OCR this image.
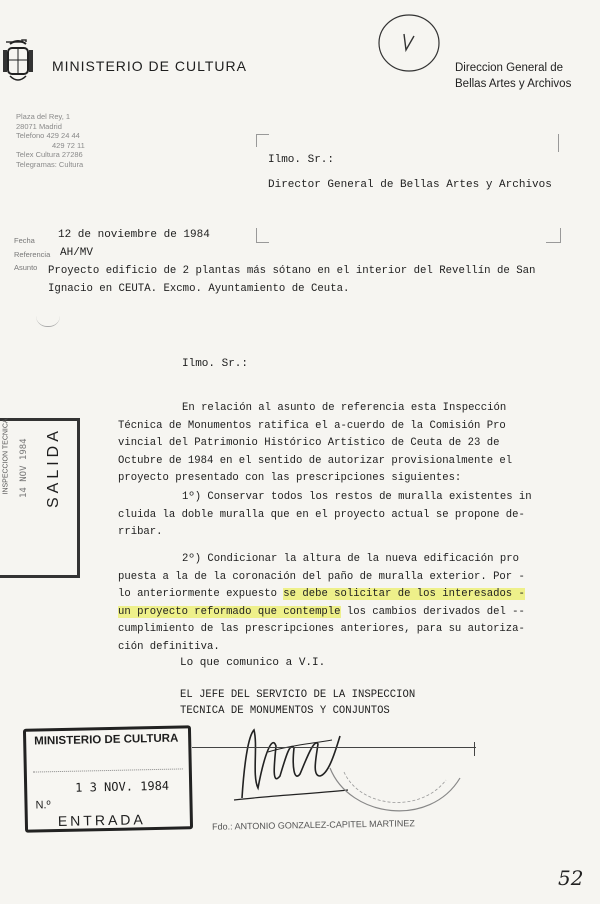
MINISTERIO DE CULTURA	Direccion General de
Bellas Artes y Archivos
Plaza del Rey, 1
28071 Madrid
Telefono 429 24 44
429 72 11
Telex Cultura 27286
Telegramas: Cultura	Ilmo. Sr.:
Director General de Bellas Artes y Archivos
Fecha 12 de noviembre de 1984
Referencia AH/MV
Asunto Proyecto edificio de 2 plantas más sótano en el interior del Revellín de San
Ignacio en CEUTA. Excmo. Ayuntamiento de Ceuta.
Ilmo. Sr.:
En relación al asunto de referencia esta Inspección
Técnica de Monumentos ratifica el a-cuerdo de la Comisión Pro
vincial del Patrimonio Histórico Artístico de Ceuta de 23 de
Octubre de 1984 en el sentido de autorizar provisionalmente el
proyecto presentado con las prescripciones siguientes:
1º) Conservar todos los restos de muralla existentes in
cluida la doble muralla que en el proyecto actual se propone de-
rribar.
2º) Condicionar la altura de la nueva edificación pro
puesta a la de la coronación del paño de muralla exterior. Por -
lo anteriormente expuesto se debe solicitar de los interesados -
un proyecto reformado que contemple los cambios derivados del --
cumplimiento de las prescripciones anteriores, para su autoriza-
ción definitiva.
Lo que comunico a V.I.
EL JEFE DEL SERVICIO DE LA INSPECCION
TECNICA DE MONUMENTOS Y CONJUNTOS
Fdo.: ANTONIO GONZALEZ-CAPITEL MARTINEZ
SALIDA
14 NOV 1984
INSPECCION TECNICA
MINISTERIO DE CULTURA
1 3 NOV. 1984
N.º
ENTRADA
52
